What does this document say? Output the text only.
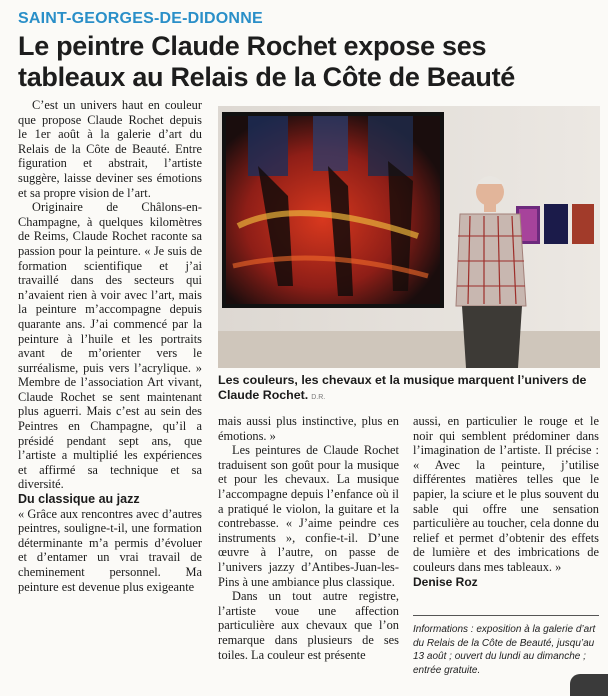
SAINT-GEORGES-DE-DIDONNE
Le peintre Claude Rochet expose ses tableaux au Relais de la Côte de Beauté

C’est un univers haut en couleur que propose Claude Rochet depuis le 1er août à la galerie d’art du Relais de la Côte de Beauté. Entre figuration et abstrait, l’artiste suggère, laisse deviner ses émotions et sa propre vision de l’art.

Originaire de Châlons-en-Champagne, à quelques kilomètres de Reims, Claude Rochet raconte sa passion pour la peinture. « Je suis de formation scientifique et j’ai travaillé dans des secteurs qui n’avaient rien à voir avec l’art, mais la peinture m’accompagne depuis quarante ans. J’ai commencé par la peinture à l’huile et les portraits avant de m’orienter vers le surréalisme, puis vers l’acrylique. » Membre de l’association Art vivant, Claude Rochet se sent maintenant plus aguerri. Mais c’est au sein des Peintres en Champagne, qu’il a présidé pendant sept ans, que l’artiste a multiplié les expériences et affirmé sa technique et sa diversité.

Du classique au jazz

« Grâce aux rencontres avec d’autres peintres, souligne-t-il, une formation déterminante m’a permis d’évoluer et d’entamer un vrai travail de cheminement personnel. Ma peinture est devenue plus exigeante

Les couleurs, les chevaux et la musique marquent l’univers de Claude Rochet. D.R.

mais aussi plus instinctive, plus en émotions. »

Les peintures de Claude Rochet traduisent son goût pour la musique et pour les chevaux. La musique l’accompagne depuis l’enfance où il a pratiqué le violon, la guitare et la contrebasse. « J’aime peindre ces instruments », confie-t-il. D’une œuvre à l’autre, on passe de l’univers jazzy d’Antibes-Juan-les-Pins à une ambiance plus classique.

Dans un tout autre registre, l’artiste voue une affection particulière aux chevaux que l’on remarque dans plusieurs de ses toiles. La couleur est présente

aussi, en particulier le rouge et le noir qui semblent prédominer dans l’imagination de l’artiste. Il précise : « Avec la peinture, j’utilise différentes matières telles que le papier, la sciure et le plus souvent du sable qui offre une sensation particulière au toucher, cela donne du relief et permet d’obtenir des effets de lumière et des imbrications de couleurs dans mes tableaux. »

Denise Roz

Informations : exposition à la galerie d’art du Relais de la Côte de Beauté, jusqu’au 13 août ; ouvert du lundi au dimanche ; entrée gratuite.
